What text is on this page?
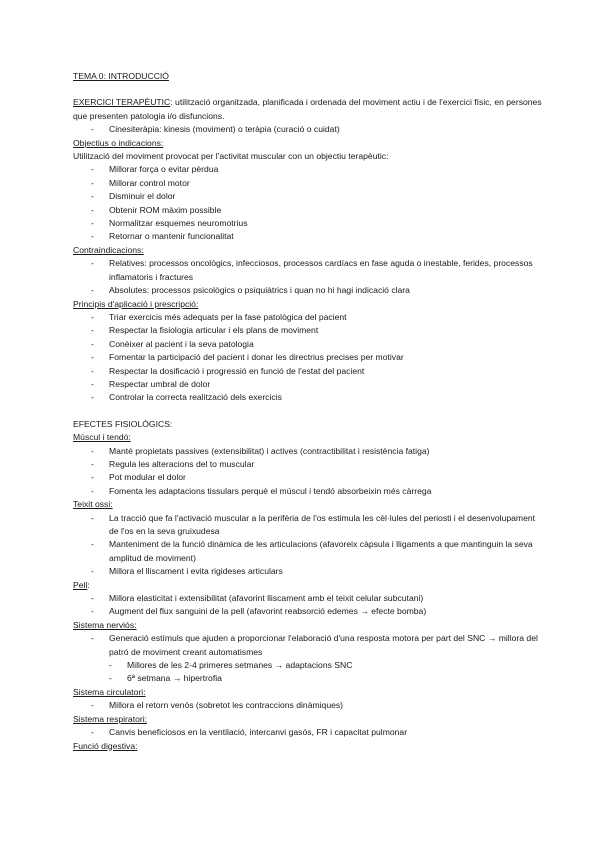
TEMA 0: INTRODUCCIÓ

EXERCICI TERAPÈUTIC: utilització organitzada, planificada i ordenada del moviment actiu i de l'exercici físic, en persones que presenten patologia i/o disfuncions.

- Cinesiteràpia: kinesis (moviment) o teràpia (curació o cuidat)
Objectius o indicacions:

Utilització del moviment provocat per l'activitat muscular con un objectiu terapèutic:

- Millorar força o evitar pèrdua
- Millorar control motor
- Disminuir el dolor
- Obtenir ROM màxim possible
- Normalitzar esquemes neuromotrius
- Retornar o mantenir funcionalitat
Contraindicacions:
- Relatives: processos oncològics, infecciosos, processos cardíacs en fase aguda o inestable, ferides, processos inflamatoris i fractures
- Absolutes: processos psicològics o psiquiàtrics i quan no hi hagi indicació clara
Principis d'aplicació i prescripció:
- Triar exercicis més adequats per la fase patològica del pacient
- Respectar la fisiologia articular i els plans de moviment
- Conèixer al pacient i la seva patologia
- Fomentar la participació del pacient i donar les directrius precises per motivar
- Respectar la dosificació i progressió en funció de l'estat del pacient
- Respectar umbral de dolor
- Controlar la correcta realització dels exercicis
EFECTES FISIOLÒGICS:
Múscul i tendó:
- Manté propietats passives (extensibilitat) i actives (contractibilitat i resistència fatiga)
- Regula les alteracions del to muscular
- Pot modular el dolor
- Fomenta les adaptacions tissulars perquè el múscul i tendó absorbeixin més càrrega
Teixit ossi:
- La tracció que fa l'activació muscular a la perifèria de l'os estimula les cèl·lules del periosti i el desenvolupament de l'os en la seva gruixudesa
- Manteniment de la funció dinàmica de les articulacions (afavoreix càpsula i lligaments a que mantinguin la seva amplitud de moviment)
- Millora el lliscament i evita rigideses articulars
Pell:
- Millora elasticitat i extensibilitat (afavorint lliscament amb el teixit celular subcutani)
- Augment del flux sanguini de la pell (afavorint reabsorció edemes → efecte bomba)
Sistema nerviós:
- Generació estímuls que ajuden a proporcionar l'elaboració d'una resposta motora per part del SNC → millora del patró de moviment creant automatismes
- Millores de les 2-4 primeres setmanes → adaptacions SNC
- 6ª setmana → hipertrofia
Sistema circulatori:
- Millora el retorn venós (sobretot les contraccions dinàmiques)
Sistema respiratori:
- Canvis beneficiosos en la ventilació, intercanvi gasós, FR i capacitat pulmonar
Funció digestiva:
